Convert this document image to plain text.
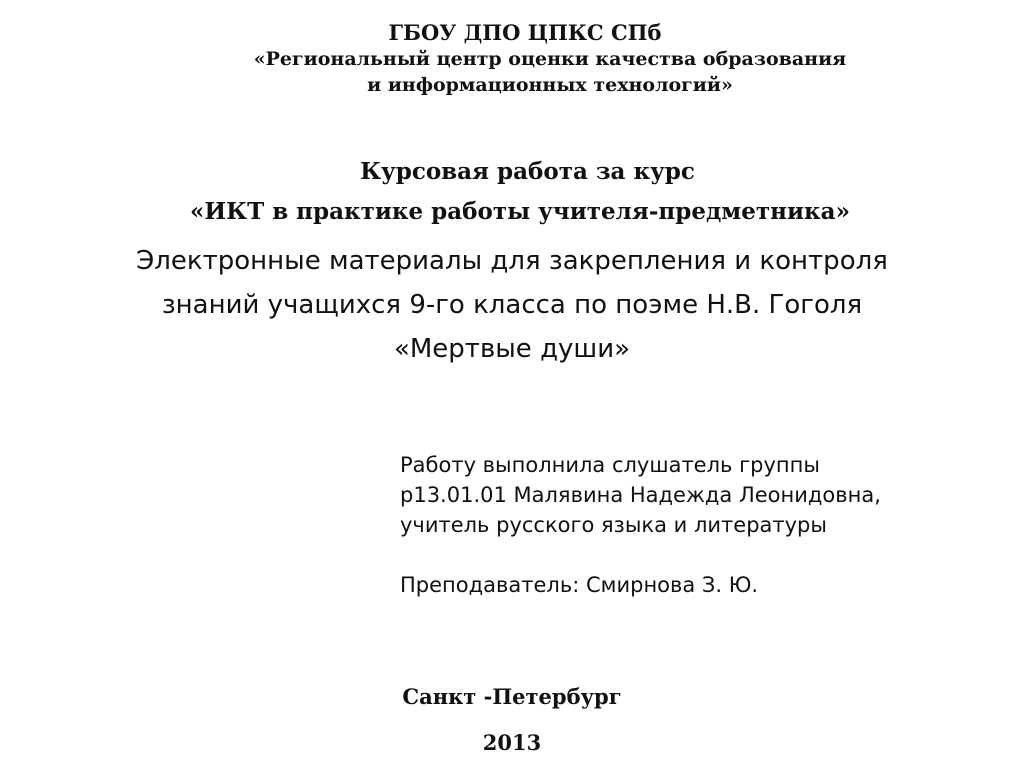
ГБОУ ДПО ЦПКС СПб
«Региональный центр оценки качества образования
и информационных технологий»
Курсовая работа за курс
«ИКТ в практике работы учителя-предметника»
Электронные материалы для закрепления и контроля
знаний учащихся 9-го класса по поэме Н.В. Гоголя
«Мертвые души»
Работу выполнила слушатель группы
р13.01.01 Малявина Надежда Леонидовна,
учитель русского языка и литературы
Преподаватель: Смирнова З. Ю.
Санкт -Петербург
2013
